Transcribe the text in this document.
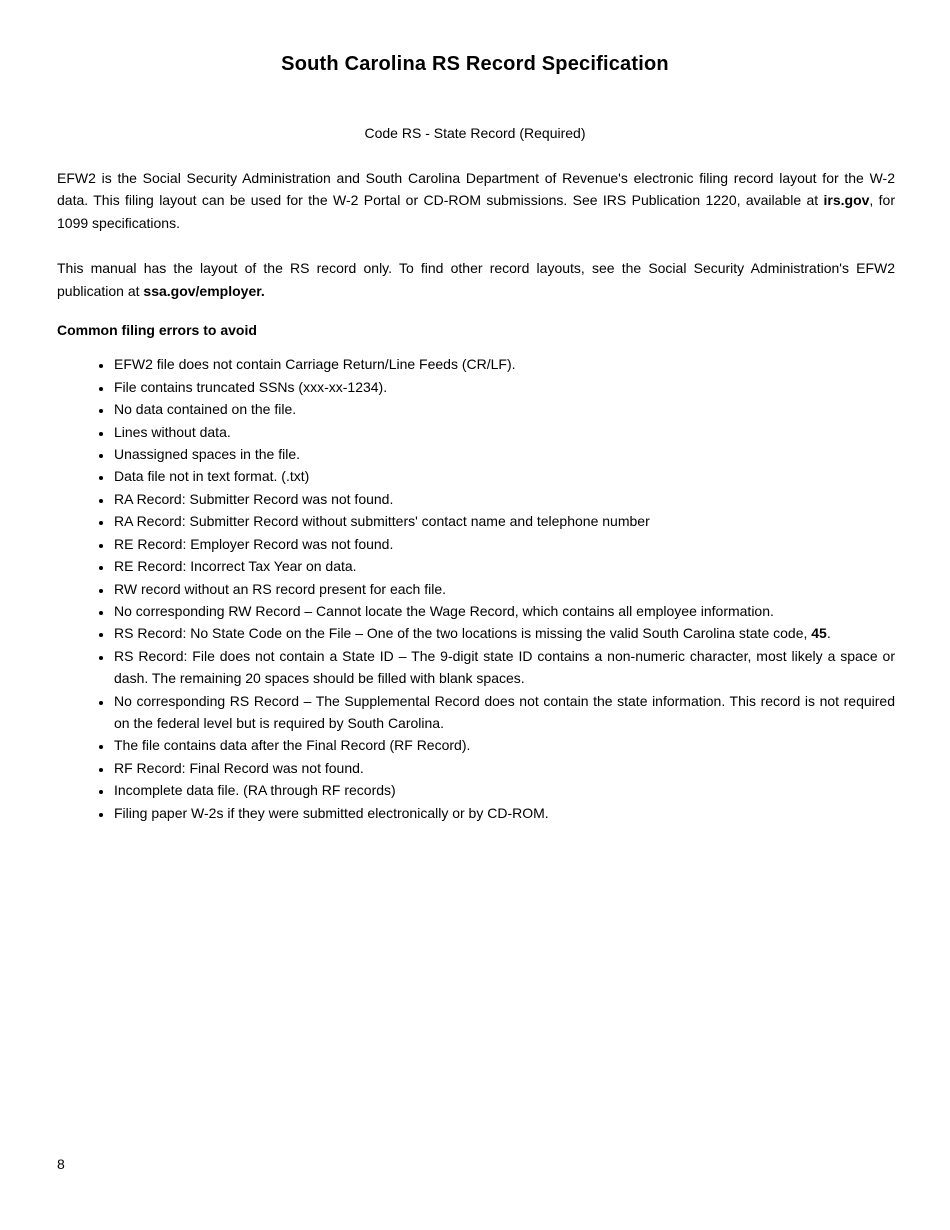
South Carolina RS Record Specification
Code RS - State Record (Required)

EFW2 is the Social Security Administration and South Carolina Department of Revenue's electronic filing record layout for the W-2 data. This filing layout can be used for the W-2 Portal or CD-ROM submissions. See IRS Publication 1220, available at irs.gov, for 1099 specifications.

This manual has the layout of the RS record only. To find other record layouts, see the Social Security Administration's EFW2 publication at ssa.gov/employer.

Common filing errors to avoid
• EFW2 file does not contain Carriage Return/Line Feeds (CR/LF).
• File contains truncated SSNs (xxx-xx-1234).
• No data contained on the file.
• Lines without data.
• Unassigned spaces in the file.
• Data file not in text format. (.txt)
• RA Record: Submitter Record was not found.
• RA Record: Submitter Record without submitters' contact name and telephone number
• RE Record: Employer Record was not found.
• RE Record: Incorrect Tax Year on data.
• RW record without an RS record present for each file.
• No corresponding RW Record – Cannot locate the Wage Record, which contains all employee information.
• RS Record: No State Code on the File – One of the two locations is missing the valid South Carolina state code, 45.
• RS Record: File does not contain a State ID – The 9-digit state ID contains a non-numeric character, most likely a space or dash. The remaining 20 spaces should be filled with blank spaces.
• No corresponding RS Record – The Supplemental Record does not contain the state information. This record is not required on the federal level but is required by South Carolina.
• The file contains data after the Final Record (RF Record).
• RF Record: Final Record was not found.
• Incomplete data file. (RA through RF records)
• Filing paper W-2s if they were submitted electronically or by CD-ROM.
8
